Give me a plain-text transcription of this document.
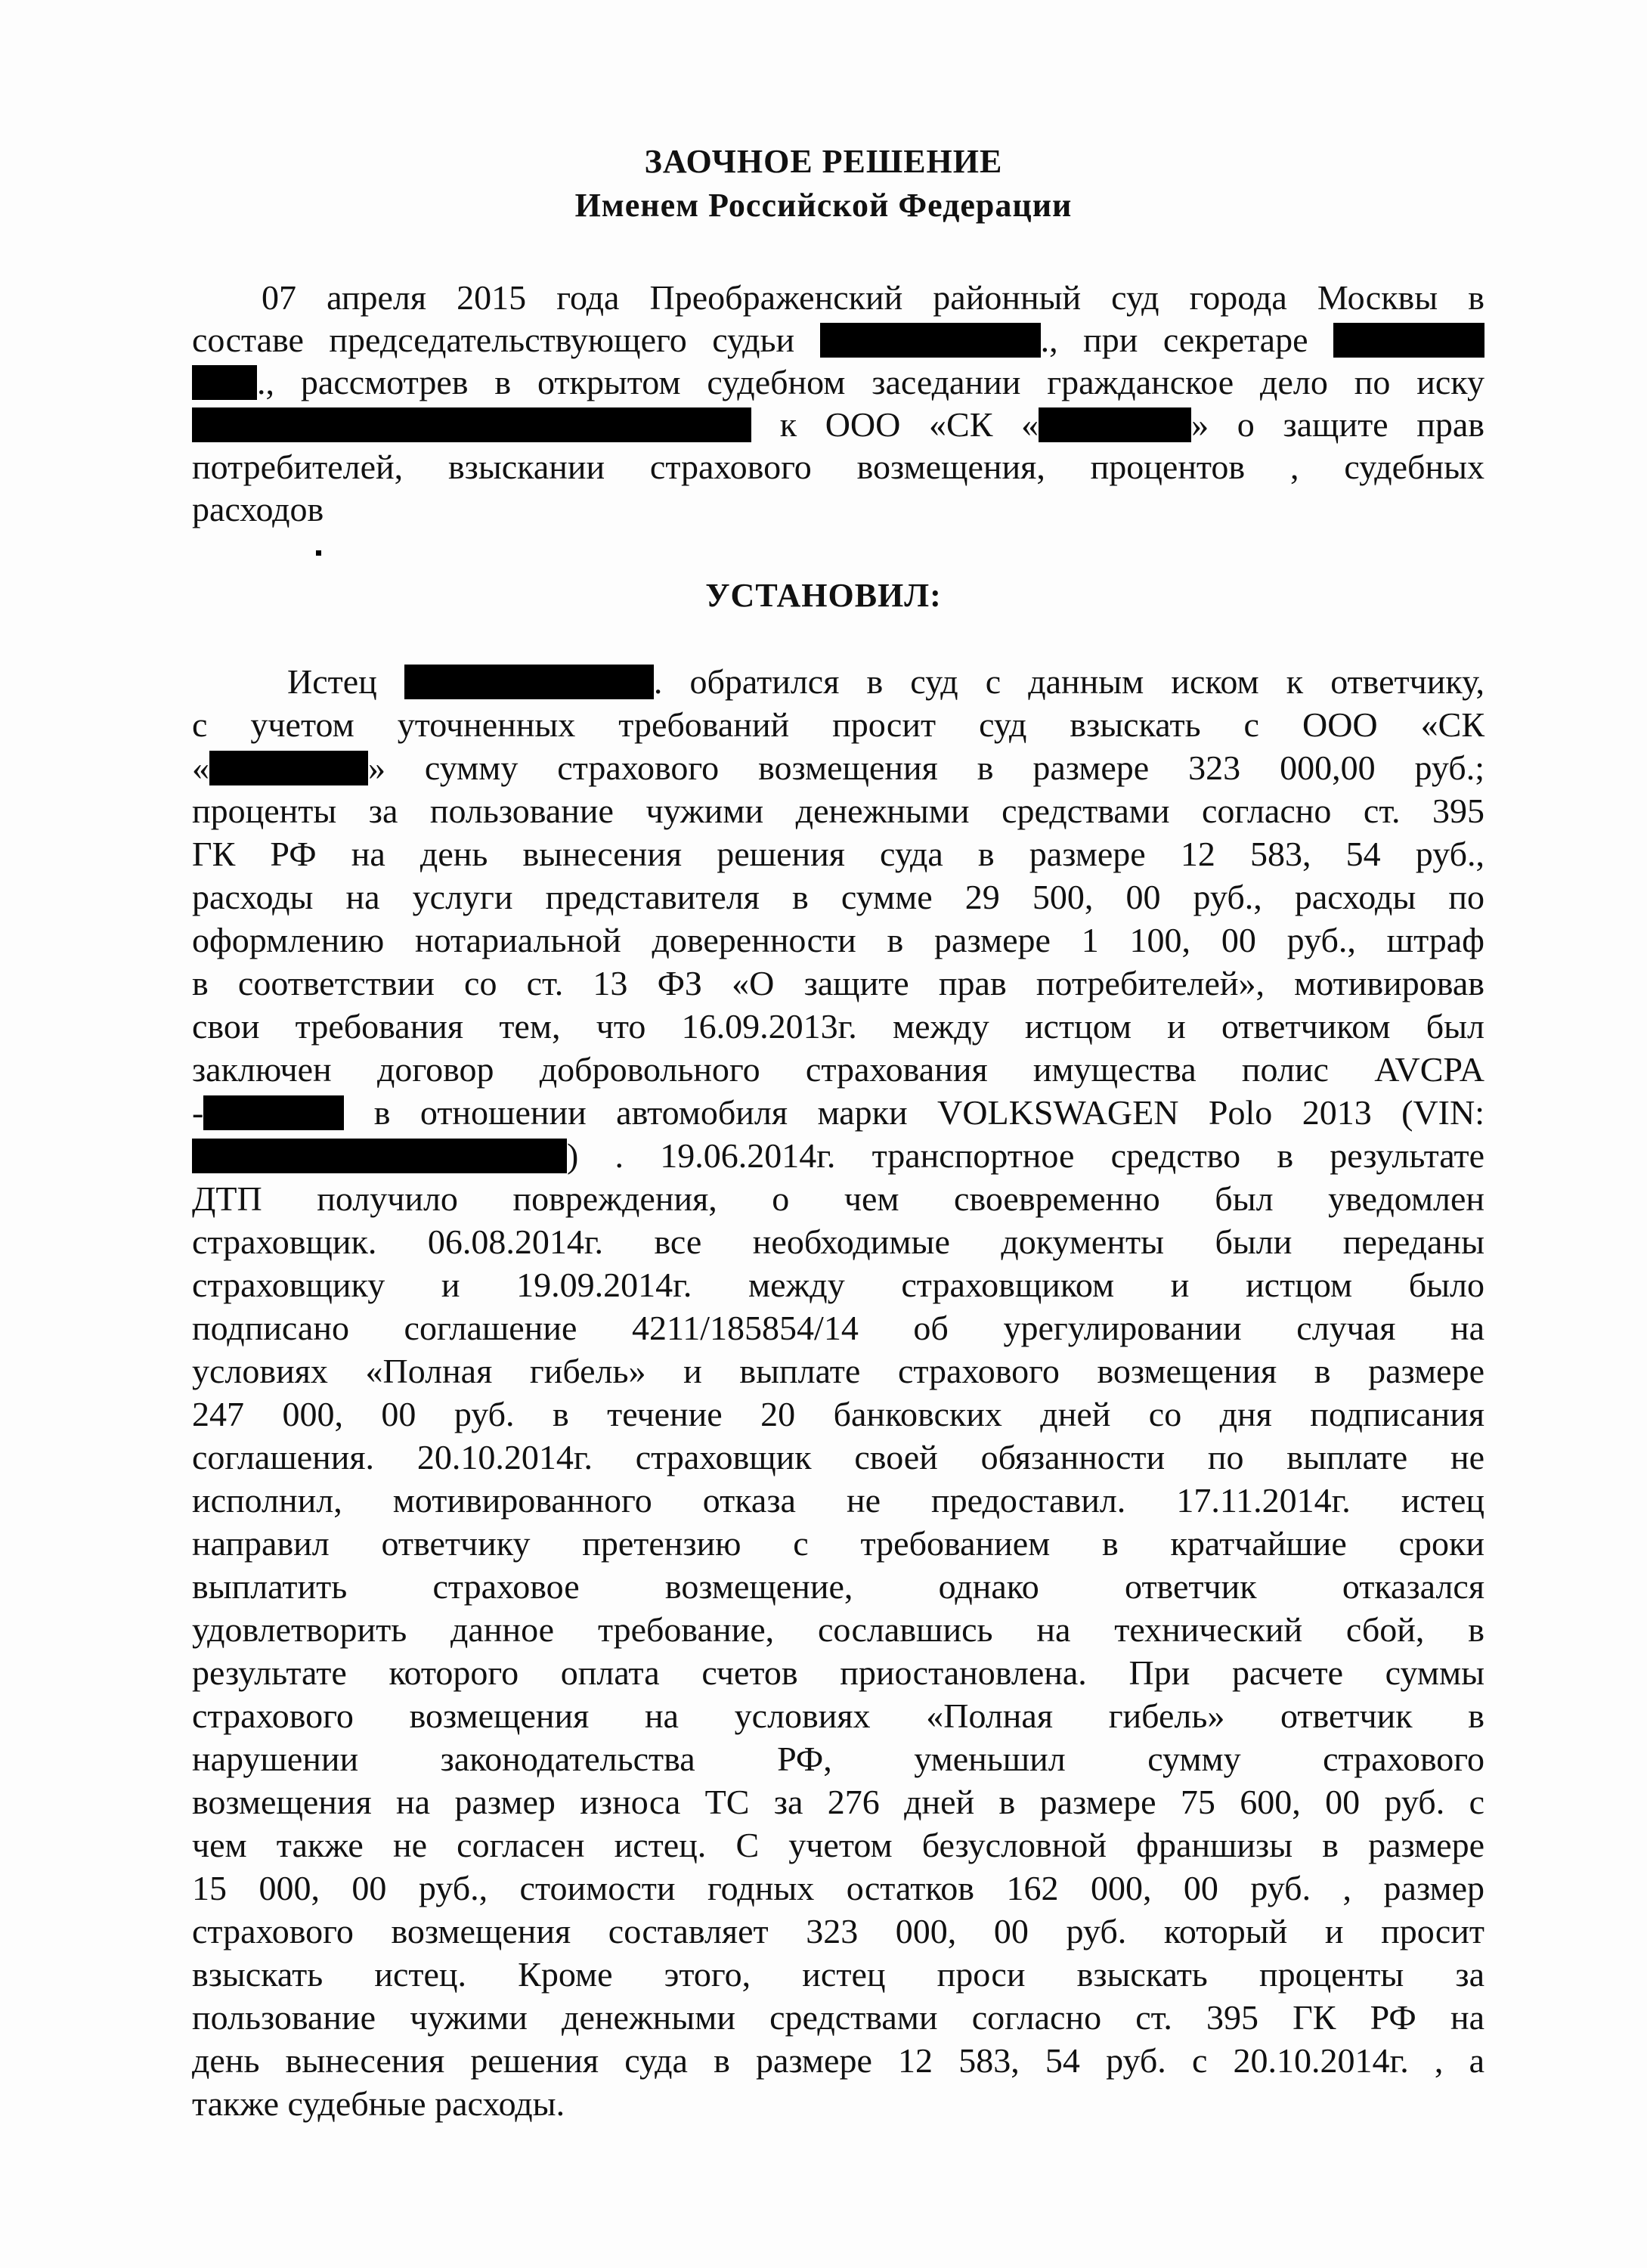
ЗАОЧНОЕ РЕШЕНИЕ
Именем Российской Федерации
07 апреля 2015 года Преображенский районный суд города Москвы в
составе председательствующего судьи	., при секретаре
., рассмотрев в открытом судебном заседании гражданское дело по иску
к ООО «СК «	» о защите прав
потребителей, взыскании страхового возмещения, процентов , судебных
расходов
УСТАНОВИЛ:
Истец	. обратился в суд с данным иском к ответчику,
с учетом уточненных требований просит суд взыскать с ООО «СК
«	» сумму страхового возмещения в размере 323 000,00 руб.;
проценты за пользование чужими денежными средствами согласно ст. 395
ГК РФ на день вынесения решения суда в размере 12 583, 54 руб.,
расходы на услуги представителя в сумме 29 500, 00 руб., расходы по
оформлению нотариальной доверенности в размере 1 100, 00 руб., штраф
в соответствии со ст. 13 ФЗ «О защите прав потребителей», мотивировав
свои требования тем, что 16.09.2013г. между истцом и ответчиком был
заключен договор добровольного страхования имущества полис AVCPA
-	в отношении автомобиля марки VOLKSWAGEN Polo 2013 (VIN:
) . 19.06.2014г. транспортное средство в результате
ДТП получило повреждения, о чем своевременно был уведомлен
страховщик. 06.08.2014г. все необходимые документы были переданы
страховщику и 19.09.2014г. между страховщиком и истцом было
подписано соглашение 4211/185854/14 об урегулировании случая на
условиях «Полная гибель» и выплате страхового возмещения в размере
247 000, 00 руб. в течение 20 банковских дней со дня подписания
соглашения. 20.10.2014г. страховщик своей обязанности по выплате не
исполнил, мотивированного отказа не предоставил. 17.11.2014г. истец
направил ответчику претензию с требованием в кратчайшие сроки
выплатить страховое возмещение, однако ответчик отказался
удовлетворить данное требование, сославшись на технический сбой, в
результате которого оплата счетов приостановлена. При расчете суммы
страхового возмещения на условиях «Полная гибель» ответчик в
нарушении законодательства РФ, уменьшил сумму страхового
возмещения на размер износа ТС за 276 дней в размере 75 600, 00 руб. с
чем также не согласен истец. С учетом безусловной франшизы в размере
15 000, 00 руб., стоимости годных остатков 162 000, 00 руб. , размер
страхового возмещения составляет 323 000, 00 руб. который и просит
взыскать истец. Кроме этого, истец проси взыскать проценты за
пользование чужими денежными средствами согласно ст. 395 ГК РФ на
день вынесения решения суда в размере 12 583, 54 руб. с 20.10.2014г. , а
также судебные расходы.
